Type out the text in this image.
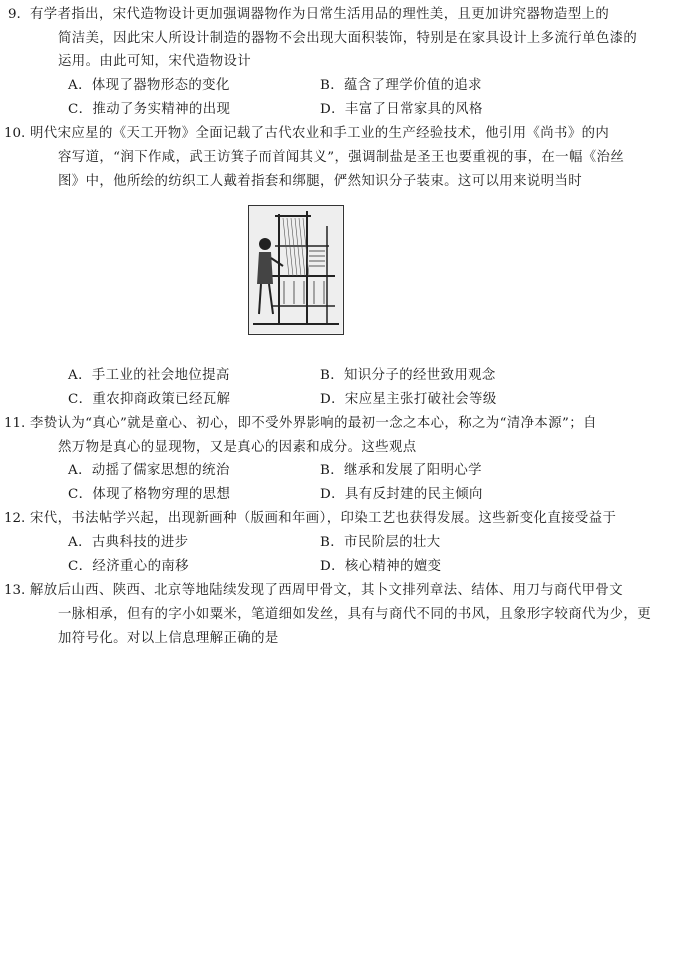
9. 有学者指出，宋代造物设计更加强调器物作为日常生活用品的理性美，且更加讲究器物造型上的
简洁美，因此宋人所设计制造的器物不会出现大面积装饰，特别是在家具设计上多流行单色漆的
运用。由此可知，宋代造物设计
A．体现了器物形态的变化	B．蕴含了理学价值的追求
C．推动了务实精神的出现	D．丰富了日常家具的风格
10. 明代宋应星的《天工开物》全面记载了古代农业和手工业的生产经验技术，他引用《尚书》的内
容写道，“润下作咸，武王访箕子而首闻其义”，强调制盐是圣王也要重视的事，在一幅《治丝
图》中，他所绘的纺织工人戴着指套和绑腿，俨然知识分子装束。这可以用来说明当时
A．手工业的社会地位提高	B．知识分子的经世致用观念
C．重农抑商政策已经瓦解	D．宋应星主张打破社会等级
11. 李贽认为“真心”就是童心、初心，即不受外界影响的最初一念之本心，称之为“清净本源”；自
然万物是真心的显现物，又是真心的因素和成分。这些观点
A．动摇了儒家思想的统治	B．继承和发展了阳明心学
C．体现了格物穷理的思想	D．具有反封建的民主倾向
12. 宋代，书法帖学兴起，出现新画种（版画和年画），印染工艺也获得发展。这些新变化直接受益于
A．古典科技的进步	B．市民阶层的壮大
C．经济重心的南移	D．核心精神的嬗变
13. 解放后山西、陕西、北京等地陆续发现了西周甲骨文，其卜文排列章法、结体、用刀与商代甲骨文
一脉相承，但有的字小如粟米，笔道细如发丝，具有与商代不同的书风，且象形字较商代为少，更
加符号化。对以上信息理解正确的是
